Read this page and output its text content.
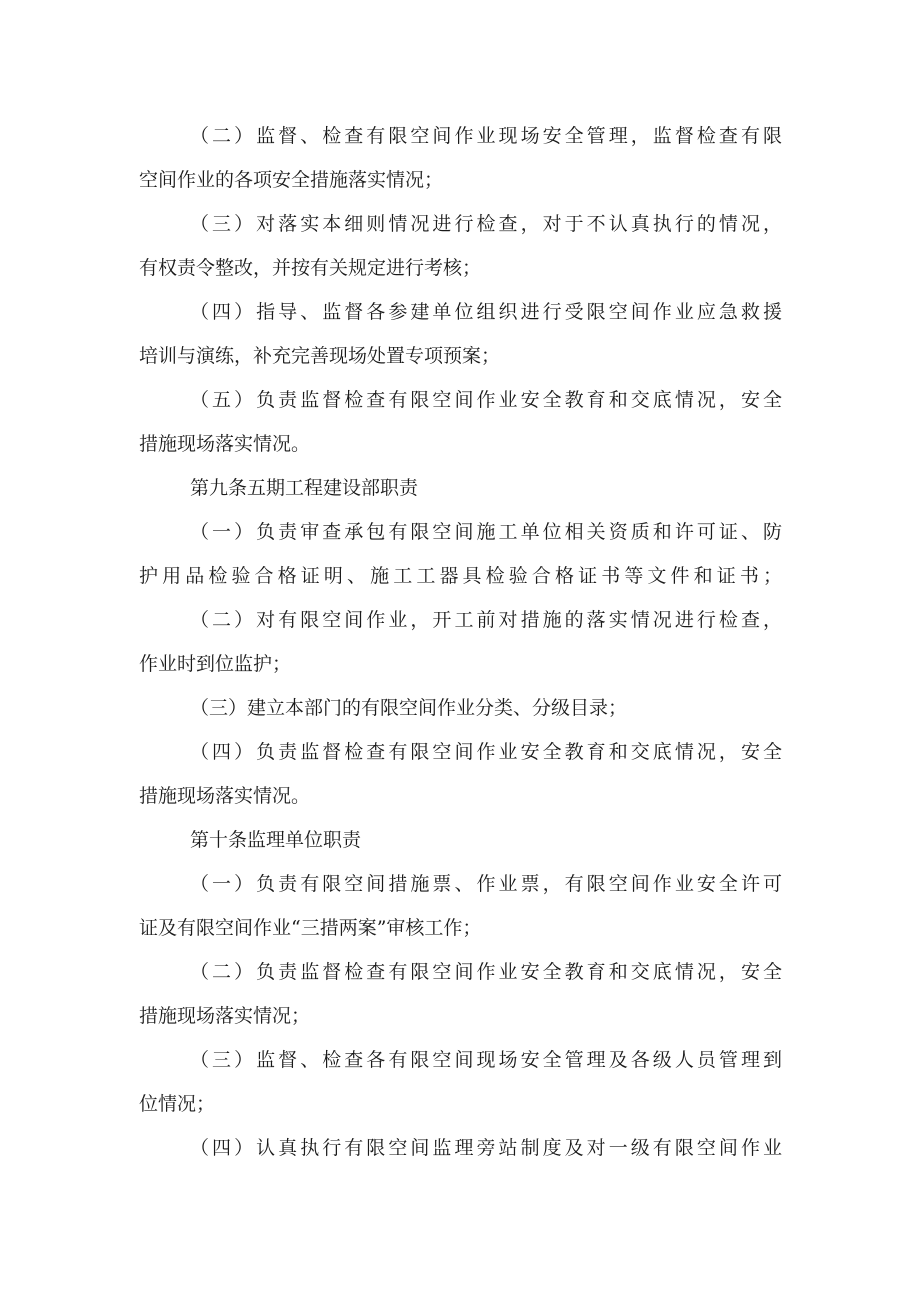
（二）监督、检查有限空间作业现场安全管理，监督检查有限
空间作业的各项安全措施落实情况；
（三）对落实本细则情况进行检查，对于不认真执行的情况，
有权责令整改，并按有关规定进行考核；
（四）指导、监督各参建单位组织进行受限空间作业应急救援
培训与演练，补充完善现场处置专项预案；
（五）负责监督检查有限空间作业安全教育和交底情况，安全
措施现场落实情况。
第九条五期工程建设部职责
（一）负责审查承包有限空间施工单位相关资质和许可证、防
护用品检验合格证明、施工工器具检验合格证书等文件和证书；
（二）对有限空间作业，开工前对措施的落实情况进行检查，
作业时到位监护；
（三）建立本部门的有限空间作业分类、分级目录；
（四）负责监督检查有限空间作业安全教育和交底情况，安全
措施现场落实情况。
第十条监理单位职责
（一）负责有限空间措施票、作业票，有限空间作业安全许可
证及有限空间作业“三措两案”审核工作；
（二）负责监督检查有限空间作业安全教育和交底情况，安全
措施现场落实情况；
（三）监督、检查各有限空间现场安全管理及各级人员管理到
位情况；
（四）认真执行有限空间监理旁站制度及对一级有限空间作业
